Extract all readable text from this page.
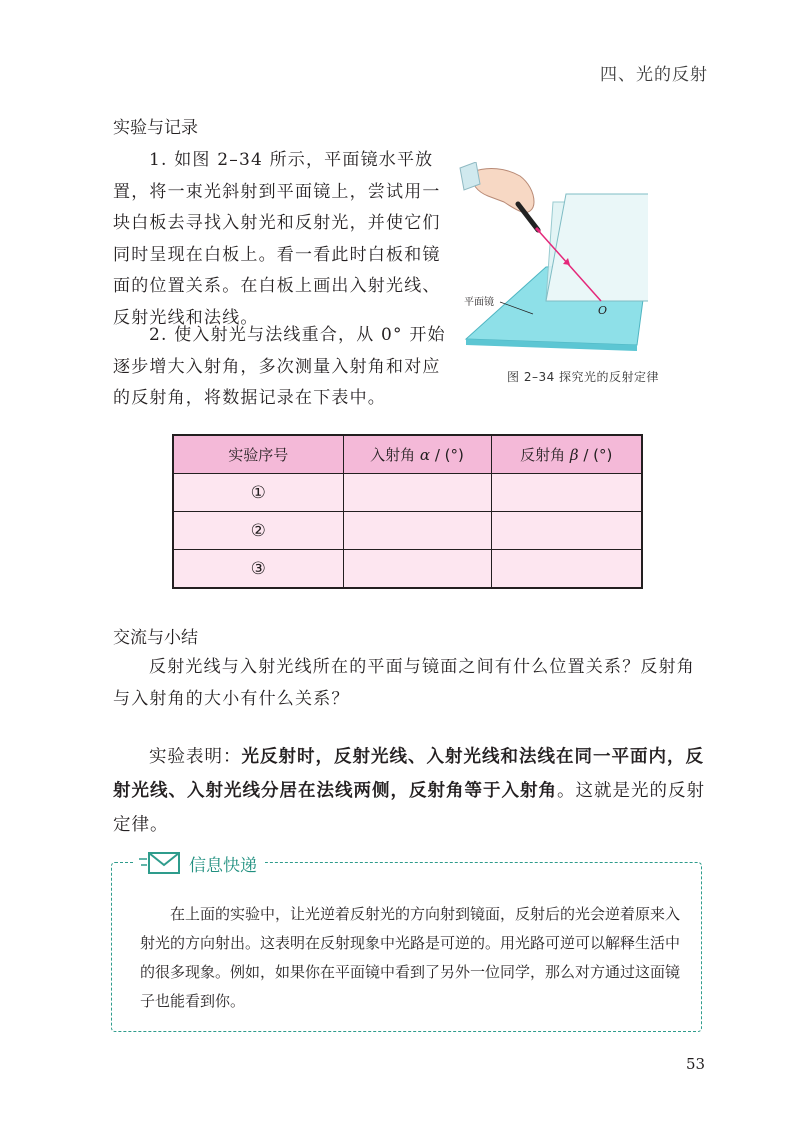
四、光的反射
实验与记录
1. 如图 2–34 所示，平面镜水平放置，将一束光斜射到平面镜上，尝试用一块白板去寻找入射光和反射光，并使它们同时呈现在白板上。看一看此时白板和镜面的位置关系。在白板上画出入射光线、反射光线和法线。
2. 使入射光与法线重合，从 0° 开始逐步增大入射角，多次测量入射角和对应的反射角，将数据记录在下表中。
O
平面镜
图 2–34 探究光的反射定律
实验序号	入射角 α / (°)	反射角 β / (°)
①		
②		
③		
交流与小结
反射光线与入射光线所在的平面与镜面之间有什么位置关系？反射角与入射角的大小有什么关系？
实验表明：光反射时，反射光线、入射光线和法线在同一平面内，反射光线、入射光线分居在法线两侧，反射角等于入射角。这就是光的反射定律。
信息快递
在上面的实验中，让光逆着反射光的方向射到镜面，反射后的光会逆着原来入射光的方向射出。这表明在反射现象中光路是可逆的。用光路可逆可以解释生活中的很多现象。例如，如果你在平面镜中看到了另外一位同学，那么对方通过这面镜子也能看到你。
53
